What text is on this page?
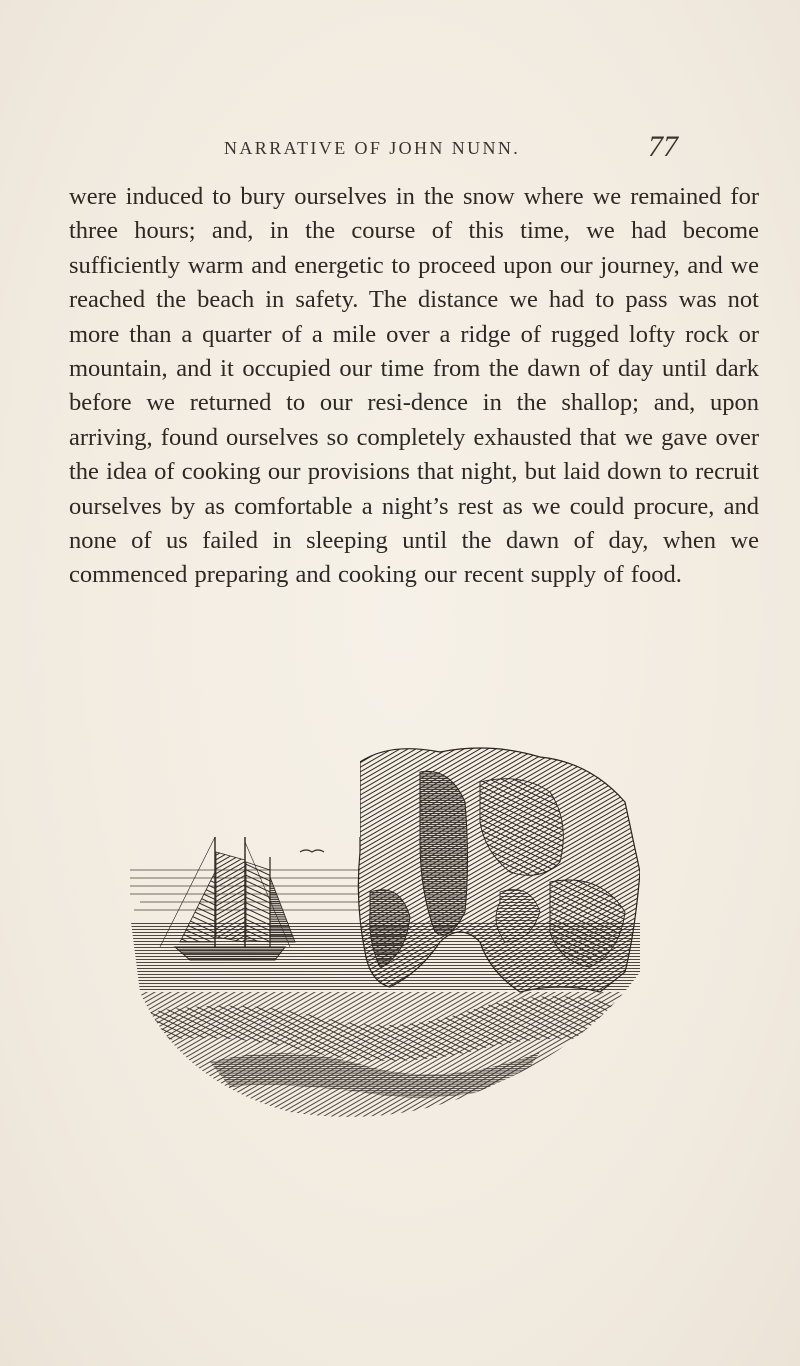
NARRATIVE OF JOHN NUNN.	77

were induced to bury ourselves in the snow where we remained for three hours; and, in the course of this time, we had become sufficiently warm and energetic to proceed upon our journey, and we reached the beach in safety. The distance we had to pass was not more than a quarter of a mile over a ridge of rugged lofty rock or mountain, and it occupied our time from the dawn of day until dark before we returned to our resi-dence in the shallop; and, upon arriving, found ourselves so completely exhausted that we gave over the idea of cooking our provisions that night, but laid down to recruit ourselves by as comfortable a night’s rest as we could procure, and none of us failed in sleeping until the dawn of day, when we commenced preparing and cooking our recent supply of food.
